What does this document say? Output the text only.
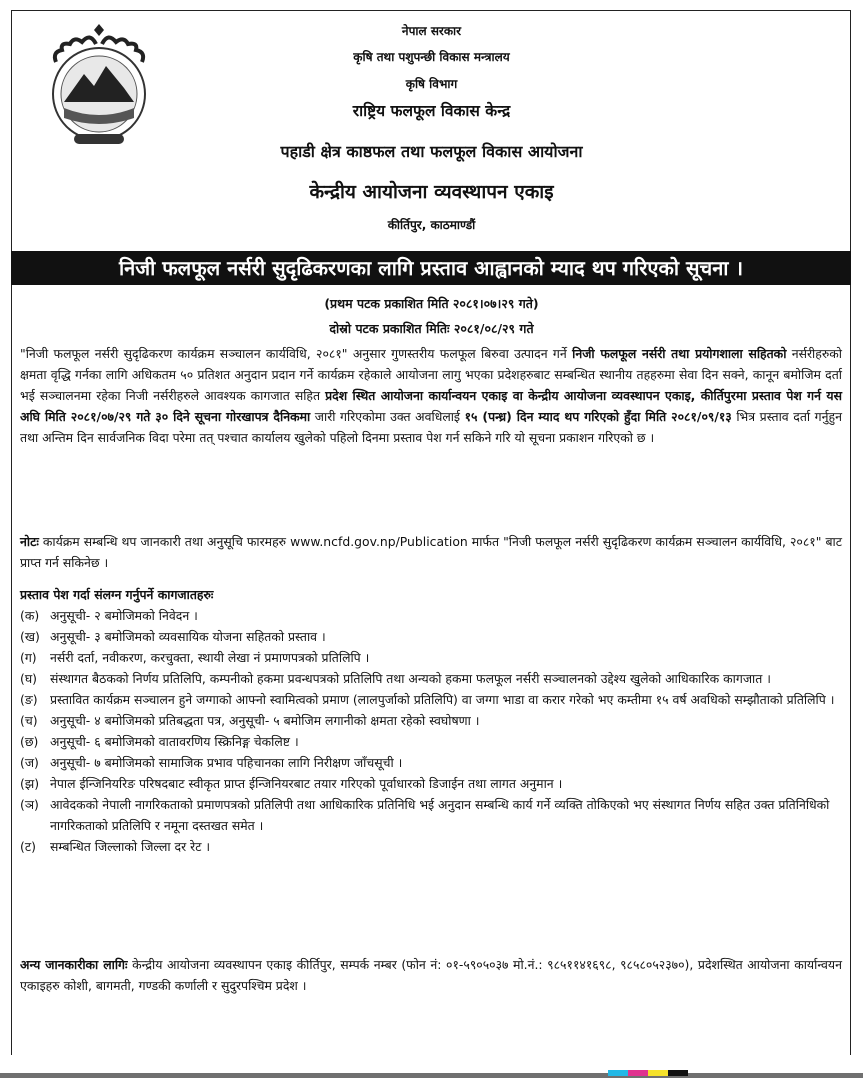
नेपाल सरकार
कृषि तथा पशुपन्छी विकास मन्त्रालय
कृषि विभाग
राष्ट्रिय फलफूल विकास केन्द्र
पहाडी क्षेत्र काष्ठफल तथा फलफूल विकास आयोजना
केन्द्रीय आयोजना व्यवस्थापन एकाइ
कीर्तिपुर, काठमाण्डौं
निजी फलफूल नर्सरी सुदृढिकरणका लागि प्रस्ताव आह्वानको म्याद थप गरिएको सूचना ।
(प्रथम पटक प्रकाशित मिति २०८१।०७।२९ गते)
दोस्रो पटक प्रकाशित मितिः २०८१/०८/२९ गते
"निजी फलफूल नर्सरी सुदृढिकरण कार्यक्रम सञ्चालन कार्यविधि, २०८१" अनुसार गुणस्तरीय फलफूल बिरुवा उत्पादन गर्ने निजी फलफूल नर्सरी तथा प्रयोगशाला सहितको नर्सरीहरुको क्षमता वृद्धि गर्नका लागि अधिकतम ५० प्रतिशत अनुदान प्रदान गर्ने कार्यक्रम रहेकाले आयोजना लागु भएका प्रदेशहरुबाट सम्बन्धित स्थानीय तहहरुमा सेवा दिन सक्ने, कानून बमोजिम दर्ता भई सञ्चालनमा रहेका निजी नर्सरीहरुले आवश्यक कागजात सहित प्रदेश स्थित आयोजना कार्यान्वयन एकाइ वा केन्द्रीय आयोजना व्यवस्थापन एकाइ, कीर्तिपुरमा प्रस्ताव पेश गर्न यस अघि मिति २०८१/०७/२९ गते ३० दिने सूचना गोरखापत्र दैनिकमा जारी गरिएकोमा उक्त अवधिलाई १५ (पन्ध्र) दिन म्याद थप गरिएको हुँदा मिति २०८१/०९/१३ भित्र प्रस्ताव दर्ता गर्नुहुन तथा अन्तिम दिन सार्वजनिक विदा परेमा तत् पश्चात कार्यालय खुलेको पहिलो दिनमा प्रस्ताव पेश गर्न सकिने गरि यो सूचना प्रकाशन गरिएको छ ।
नोटः कार्यक्रम सम्बन्धि थप जानकारी तथा अनुसूचि फारमहरु www.ncfd.gov.np/Publication मार्फत "निजी फलफूल नर्सरी सुदृढिकरण कार्यक्रम सञ्चालन कार्यविधि, २०८१" बाट प्राप्त गर्न सकिनेछ ।
प्रस्ताव पेश गर्दा संलग्न गर्नुपर्ने कागजातहरुः
(क) अनुसूची- २ बमोजिमको निवेदन ।
(ख) अनुसूची- ३ बमोजिमको व्यवसायिक योजना सहितको प्रस्ताव ।
(ग)	नर्सरी दर्ता, नवीकरण, करचुक्ता, स्थायी लेखा नं प्रमाणपत्रको प्रतिलिपि ।
(घ)	संस्थागत बैठकको निर्णय प्रतिलिपि, कम्पनीको हकमा प्रवन्धपत्रको प्रतिलिपि तथा अन्यको हकमा फलफूल नर्सरी सञ्चालनको उद्देश्य खुलेको आधिकारिक कागजात ।
(ङ)	प्रस्तावित कार्यक्रम सञ्चालन हुने जग्गाको आफ्नो स्वामित्वको प्रमाण (लालपुर्जाको प्रतिलिपि) वा जग्गा भाडा वा करार गरेको भए कम्तीमा १५ वर्ष अवधिको सम्झौताको प्रतिलिपि ।
(च)	अनुसूची- ४ बमोजिमको प्रतिबद्धता पत्र, अनुसूची- ५ बमोजिम लगानीको क्षमता रहेको स्वघोषणा ।
(छ) अनुसूची- ६ बमोजिमको वातावरणिय स्क्रिनिङ्ग चेकलिष्ट ।
(ज) अनुसूची- ७ बमोजिमको सामाजिक प्रभाव पहिचानका लागि निरीक्षण जाँचसूची ।
(झ) नेपाल ईन्जिनियरिङ परिषदबाट स्वीकृत प्राप्त ईन्जिनियरबाट तयार गरिएको पूर्वाधारको डिजाईन तथा लागत अनुमान ।
(ञ) आवेदकको नेपाली नागरिकताको प्रमाणपत्रको प्रतिलिपी तथा आधिकारिक प्रतिनिधि भई अनुदान सम्बन्धि कार्य गर्ने व्यक्ति तोकिएको भए संस्थागत निर्णय सहित उक्त प्रतिनिधिको नागरिकताको प्रतिलिपि र नमूना दस्तखत समेत ।
(ट)	सम्बन्धित जिल्लाको जिल्ला दर रेट ।
अन्य जानकारीका लागिः केन्द्रीय आयोजना व्यवस्थापन एकाइ कीर्तिपुर, सम्पर्क नम्बर (फोन नं: ०१-५९०५०३७ मो.नं.: ९८५११४१६९८, ९८५८०५२३७०), प्रदेशस्थित आयोजना कार्यान्वयन एकाइहरु कोशी, बागमती, गण्डकी कर्णाली र सुदुरपश्चिम प्रदेश ।
